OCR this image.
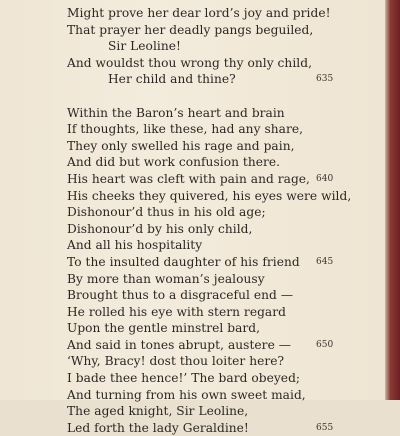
Might prove her dear lord’s joy and pride!
That prayer her deadly pangs beguiled,
Sir Leoline!
And wouldst thou wrong thy only child,
Her child and thine?	635
Within the Baron’s heart and brain
If thoughts, like these, had any share,
They only swelled his rage and pain,
And did but work confusion there.
His heart was cleft with pain and rage, 640
His cheeks they quivered, his eyes were wild,
Dishonour’d thus in his old age;
Dishonour’d by his only child,
And all his hospitality
To the insulted daughter of his friend 645
By more than woman’s jealousy
Brought thus to a disgraceful end —
He rolled his eye with stern regard
Upon the gentle minstrel bard,
And said in tones abrupt, austere —	650
‘Why, Bracy! dost thou loiter here?
I bade thee hence!’ The bard obeyed;
And turning from his own sweet maid,
The aged knight, Sir Leoline,
Led forth the lady Geraldine!	655
